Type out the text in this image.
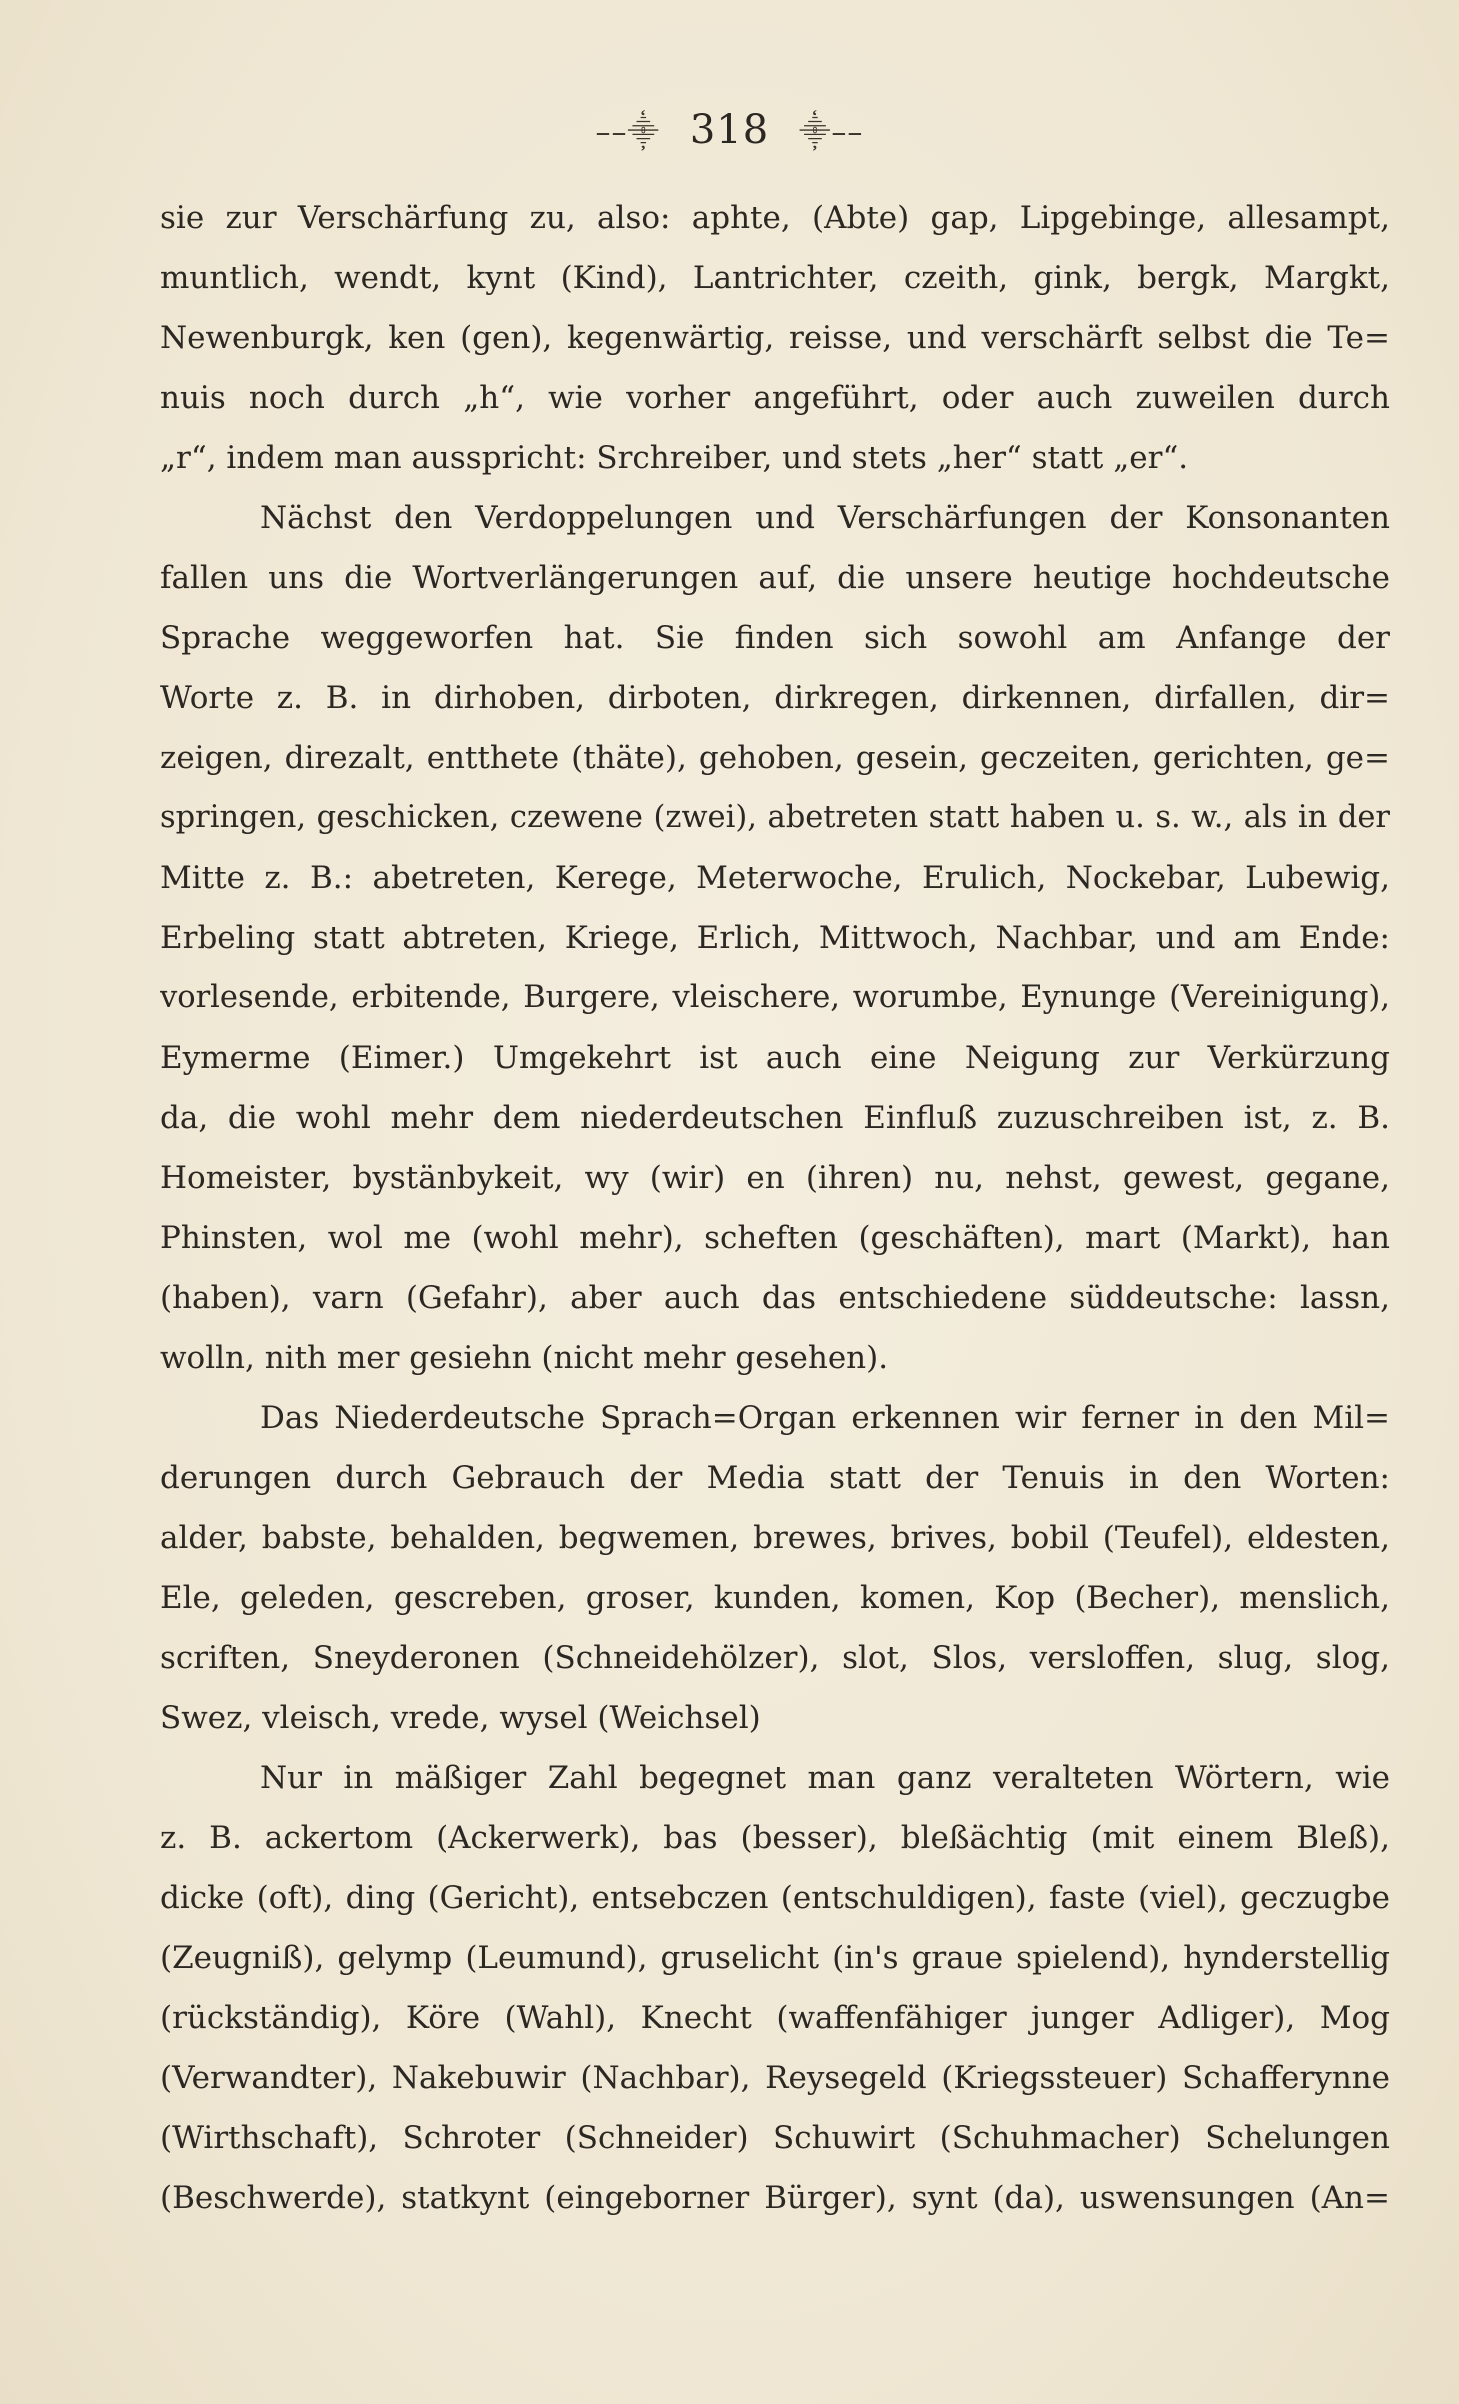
––⸎ 318 ⸎––
sie zur Verschärfung zu, also: aphte, (Abte) gap, Lipgebinge, allesampt,
muntlich, wendt, kynt (Kind), Lantrichter, czeith, gink, bergk, Margkt,
Newenburgk, ken (gen), kegenwärtig, reisse, und verschärft selbst die Te=
nuis noch durch „h“, wie vorher angeführt, oder auch zuweilen durch
„r“, indem man ausspricht: Srchreiber, und stets „her“ statt „er“.
Nächst den Verdoppelungen und Verschärfungen der Konsonanten
fallen uns die Wortverlängerungen auf, die unsere heutige hochdeutsche
Sprache weggeworfen hat. Sie finden sich sowohl am Anfange der
Worte z. B. in dirhoben, dirboten, dirkregen, dirkennen, dirfallen, dir=
zeigen, direzalt, entthete (thäte), gehoben, gesein, geczeiten, gerichten, ge=
springen, geschicken, czewene (zwei), abetreten statt haben u. s. w., als in der
Mitte z. B.: abetreten, Kerege, Meterwoche, Erulich, Nockebar, Lubewig,
Erbeling statt abtreten, Kriege, Erlich, Mittwoch, Nachbar, und am Ende:
vorlesende, erbitende, Burgere, vleischere, worumbe, Eynunge (Vereinigung),
Eymerme (Eimer.) Umgekehrt ist auch eine Neigung zur Verkürzung
da, die wohl mehr dem niederdeutschen Einfluß zuzuschreiben ist, z. B.
Homeister, bystänbykeit, wy (wir) en (ihren) nu, nehst, gewest, gegane,
Phinsten, wol me (wohl mehr), scheften (geschäften), mart (Markt), han
(haben), varn (Gefahr), aber auch das entschiedene süddeutsche: lassn,
wolln, nith mer gesiehn (nicht mehr gesehen).
Das Niederdeutsche Sprach=Organ erkennen wir ferner in den Mil=
derungen durch Gebrauch der Media statt der Tenuis in den Worten:
alder, babste, behalden, begwemen, brewes, brives, bobil (Teufel), eldesten,
Ele, geleden, gescreben, groser, kunden, komen, Kop (Becher), menslich,
scriften, Sneyderonen (Schneidehölzer), slot, Slos, versloffen, slug, slog,
Swez, vleisch, vrede, wysel (Weichsel)
Nur in mäßiger Zahl begegnet man ganz veralteten Wörtern, wie
z. B. ackertom (Ackerwerk), bas (besser), bleßächtig (mit einem Bleß),
dicke (oft), ding (Gericht), entsebczen (entschuldigen), faste (viel), geczugbe
(Zeugniß), gelymp (Leumund), gruselicht (in's graue spielend), hynderstellig
(rückständig), Köre (Wahl), Knecht (waffenfähiger junger Adliger), Mog
(Verwandter), Nakebuwir (Nachbar), Reysegeld (Kriegssteuer) Schafferynne
(Wirthschaft), Schroter (Schneider) Schuwirt (Schuhmacher) Schelungen
(Beschwerde), statkynt (eingeborner Bürger), synt (da), uswensungen (An=
